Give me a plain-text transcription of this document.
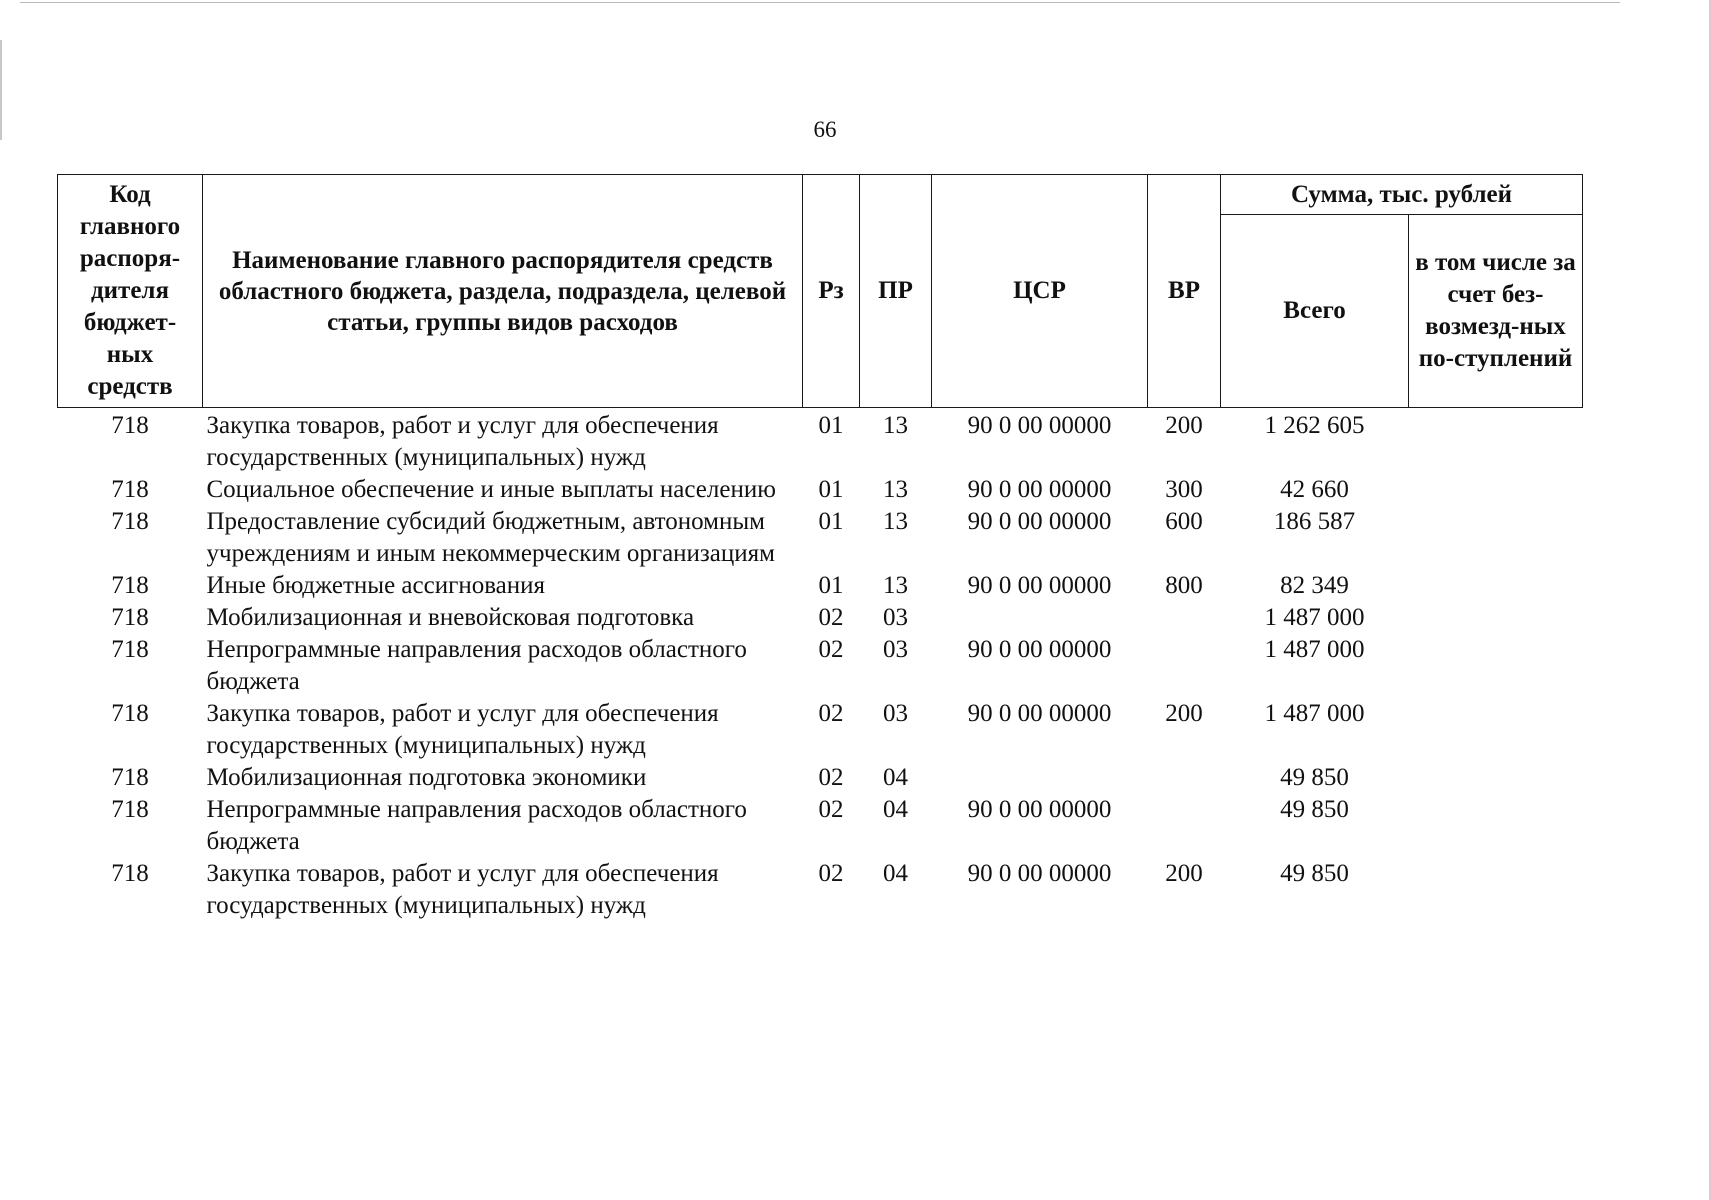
66
Код главного распоря-дителя бюджет-ных средств	Наименование главного распорядителя средств областного бюджета, раздела, подраздела, целевой статьи, группы видов расходов	Рз	ПР	ЦСР	ВР	Сумма, тыс. рублей	
						Всего	в том числе за счет без-возмезд-ных по-ступлений

718	Закупка товаров, работ и услуг для обеспечения государственных (муниципальных) нужд	01	13	90 0 00 00000	200	1 262 605	
718	Социальное обеспечение и иные выплаты населению	01	13	90 0 00 00000	300	42 660	
718	Предоставление субсидий бюджетным, автономным учреждениям и иным некоммерческим организациям	01	13	90 0 00 00000	600	186 587	
718	Иные бюджетные ассигнования	01	13	90 0 00 00000	800	82 349	
718	Мобилизационная и вневойсковая подготовка	02	03			1 487 000	
718	Непрограммные направления расходов областного бюджета	02	03	90 0 00 00000		1 487 000	
718	Закупка товаров, работ и услуг для обеспечения государственных (муниципальных) нужд	02	03	90 0 00 00000	200	1 487 000	
718	Мобилизационная подготовка экономики	02	04			49 850	
718	Непрограммные направления расходов областного бюджета	02	04	90 0 00 00000		49 850	
718	Закупка товаров, работ и услуг для обеспечения государственных (муниципальных) нужд	02	04	90 0 00 00000	200	49 850	
